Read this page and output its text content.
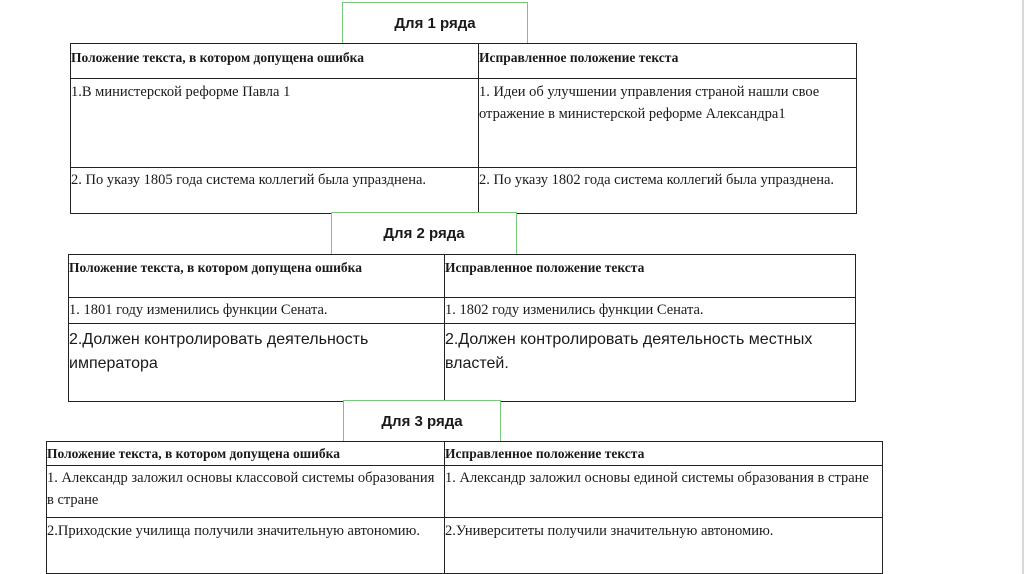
Для 1 ряда
Положение текста, в котором допущена ошибка	Исправленное положение текста
1.В министерской реформе Павла 1	1. Идеи об улучшении управления страной нашли свое отражение в министерской реформе Александра1
2. По указу 1805 года система коллегий была упразднена.	2. По указу 1802 года система коллегий была упразднена.
Для 2 ряда
Положение текста, в котором допущена ошибка	Исправленное положение текста
1. 1801 году изменились функции Сената.	1. 1802 году изменились функции Сената.
2.Должен контролировать деятельность императора	2.Должен контролировать деятельность местных властей.
Для 3 ряда
Положение текста, в котором допущена ошибка	Исправленное положение текста
1. Александр заложил основы классовой системы образования в стране	1. Александр заложил основы единой системы образования в стране
2.Приходские училища получили значительную автономию.	2.Университеты получили значительную автономию.
